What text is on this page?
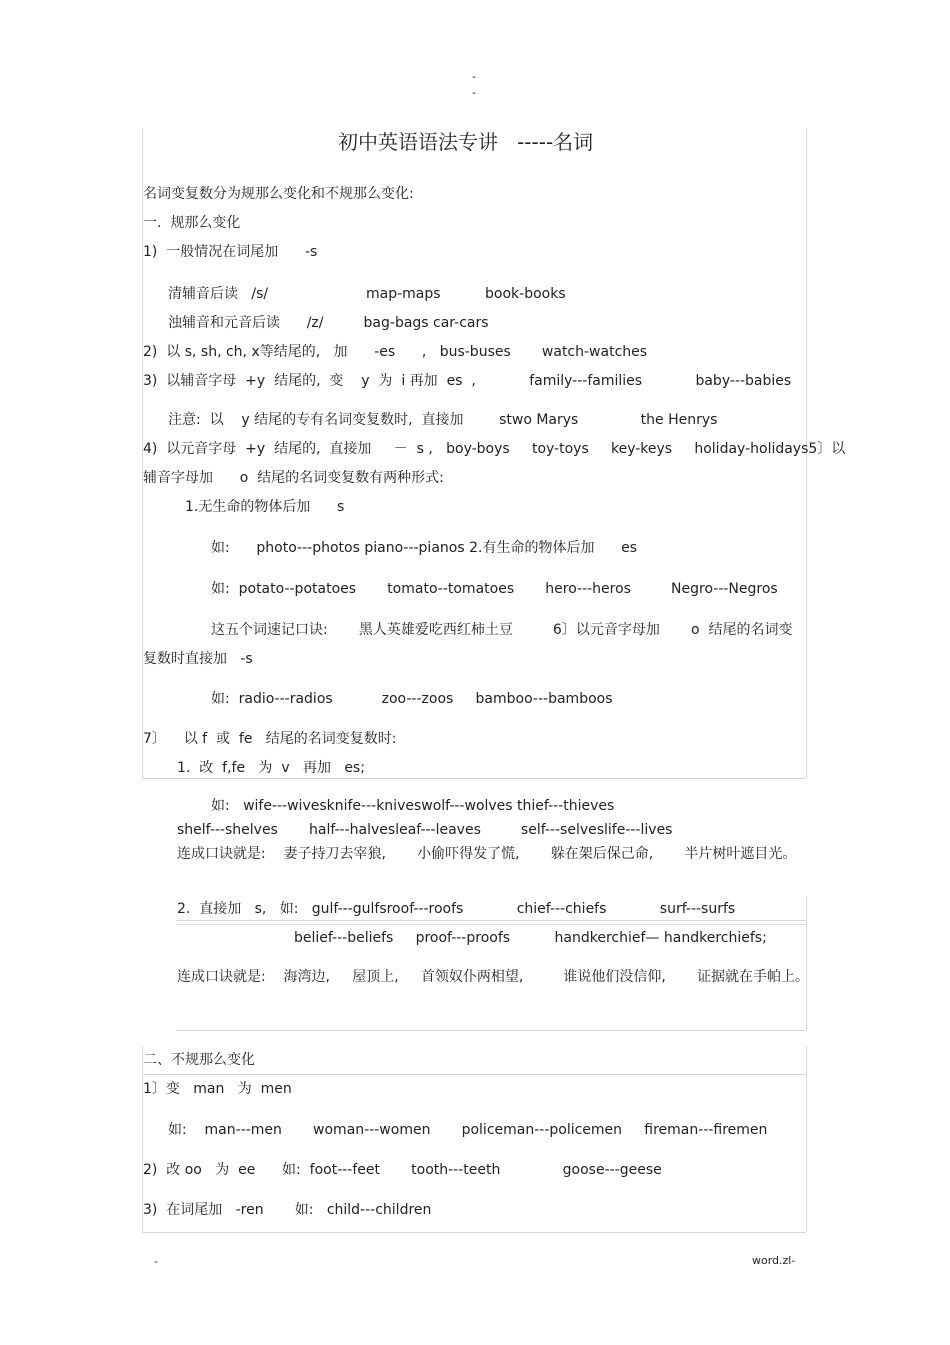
-
-
初中英语语法专讲   -----名词
名词变复数分为规那么变化和不规那么变化:
一.  规那么变化
1)  一般情况在词尾加      -s
清辅音后读   /s/                      map-maps          book-books
浊辅音和元音后读      /z/         bag-bags car-cars
2)  以 s, sh, ch, x等结尾的,   加      -es      ,   bus-buses       watch-watches
3)  以辅音字母  +y  结尾的,  变    y  为  i 再加  es  ,            family---families            baby---babies
注意:  以    y 结尾的专有名词变复数时,  直接加        stwo Marys              the Henrys
4)  以元音字母  +y  结尾的,  直接加     －  s ,   boy-boys     toy-toys     key-keys     holiday-holidays5〕以
辅音字母加      o  结尾的名词变复数有两种形式:
1.无生命的物体后加      s
如:      photo---photos piano---pianos 2.有生命的物体后加      es
如:  potato--potatoes       tomato--tomatoes       hero---heros         Negro---Negros
这五个词速记口诀:       黑人英雄爱吃西红柿土豆         6〕以元音字母加       o  结尾的名词变
复数时直接加   -s
如:  radio---radios           zoo---zoos     bamboo---bamboos
7〕    以 f  或  fe   结尾的名词变复数时:
1.  改  f,fe   为  v   再加   es;
如:   wife---wivesknife---kniveswolf---wolves thief---thieves
shelf---shelves       half---halvesleaf---leaves         self---selveslife---lives
连成口诀就是:    妻子持刀去宰狼,       小偷吓得发了慌,       躲在架后保己命,       半片树叶遮目光。
2.  直接加   s,   如:   gulf---gulfsroof---roofs            chief---chiefs            surf---surfs
belief---beliefs     proof---proofs          handkerchief— handkerchiefs;
连成口诀就是:    海湾边,     屋顶上,     首领奴仆两相望,         谁说他们没信仰,       证据就在手帕上。
二、不规那么变化
1〕变   man   为  men
如:    man---men       woman---women       policeman---policemen     fireman---firemen
2)  改 oo   为  ee      如:  foot---feet       tooth---teeth              goose---geese
3)  在词尾加   -ren       如:   child---children
-	word.zl-
